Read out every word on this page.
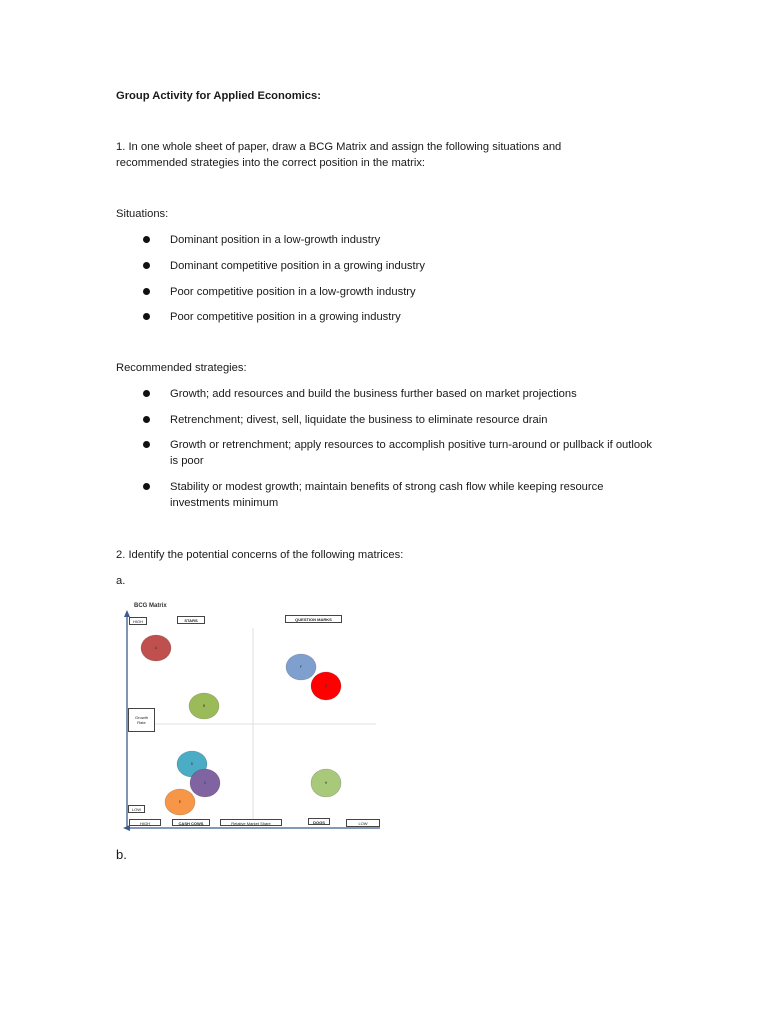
Group Activity for Applied Economics:
1. In one whole sheet of paper, draw a BCG Matrix and assign the following situations and
recommended strategies into the correct position in the matrix:
Situations:
Dominant position in a low-growth industry
Dominant competitive position in a growing industry
Poor competitive position in a low-growth industry
Poor competitive position in a growing industry
Recommended strategies:
Growth; add resources and build the business further based on market projections
Retrenchment; divest, sell, liquidate the business to eliminate resource drain
Growth or retrenchment; apply resources to accomplish positive turn-around or pullback if outlook is poor
Stability or modest growth; maintain benefits of strong cash flow while keeping resource investments minimum
2. Identify the potential concerns of the following matrices:
a.
BCG Matrix
HIGH	STARS	QUESTION MARKS
Growth
Rate
LOW
HIGH	CASH COWS	Relative Market Share	DOGS	LOW
A
B
F
G
D
C
E
H
b.
